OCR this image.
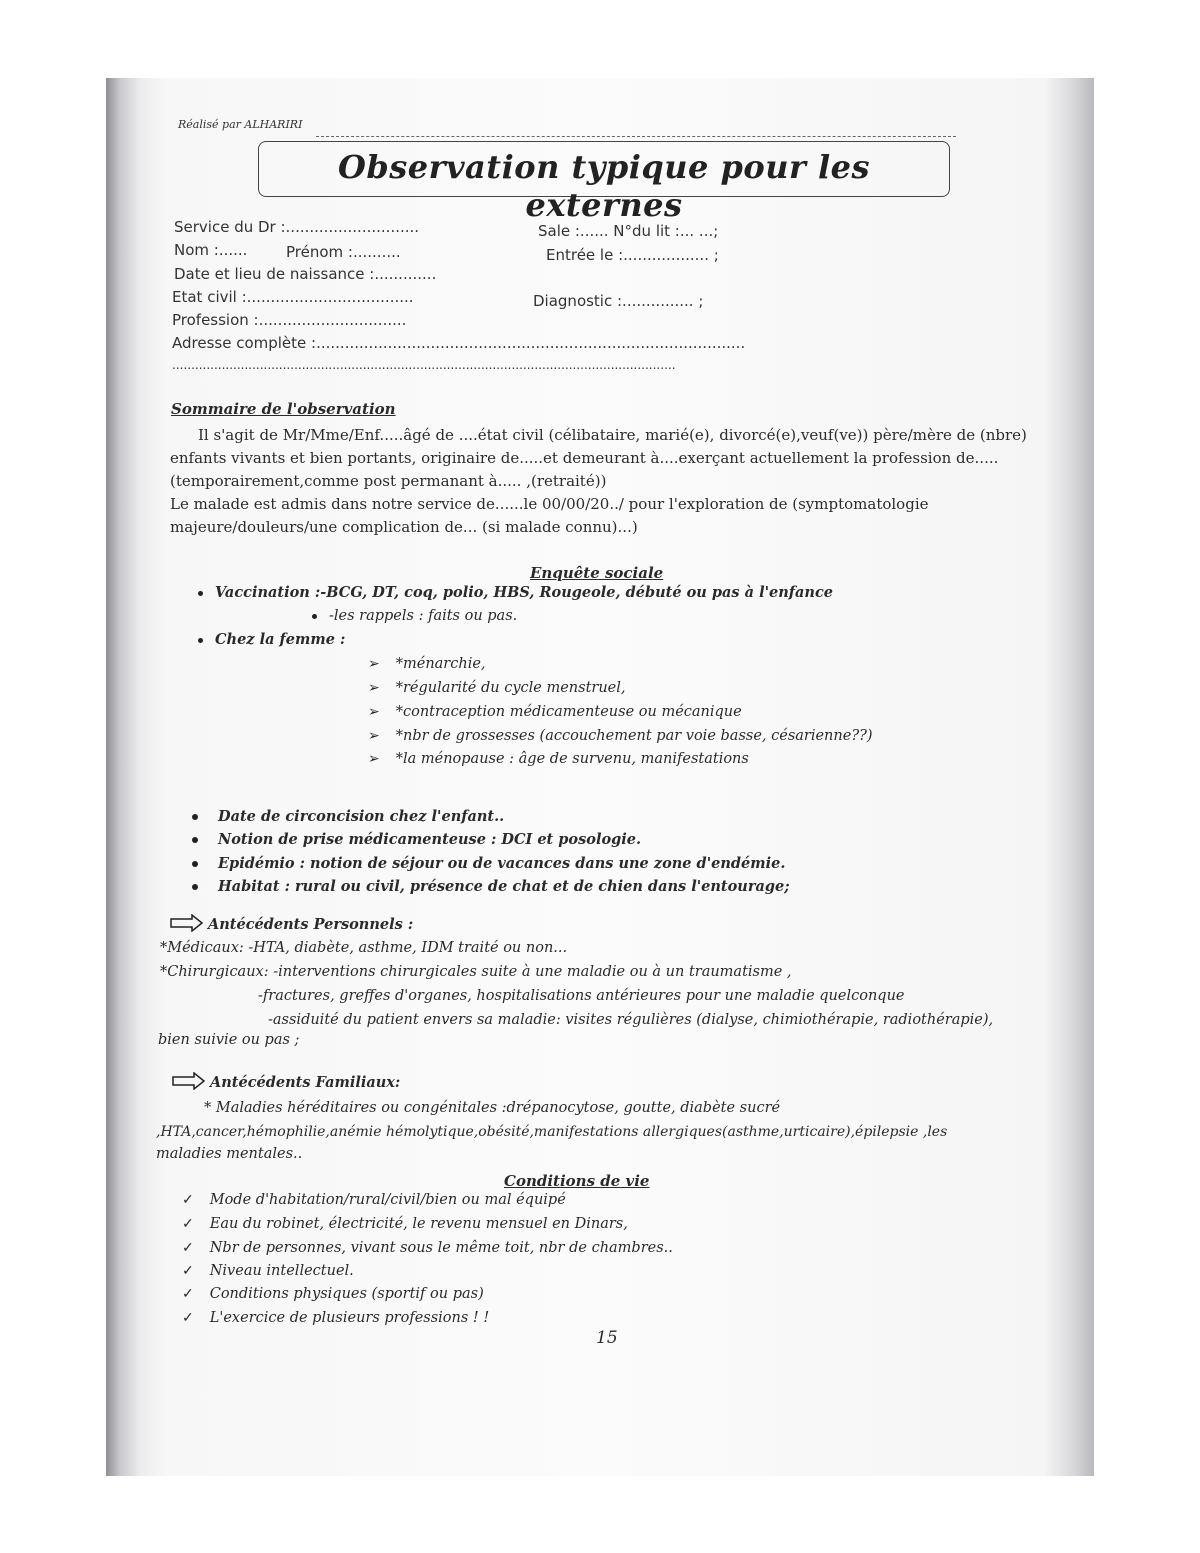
Réalisé par ALHARIRI
Observation typique pour les externes
Service du Dr :............................	Sale :...... N°du lit :... ...;
Nom :......	Prénom :..........	Entrée le :.................. ;
Date et lieu de naissance :.............
Etat civil :...................................	Diagnostic :............... ;
Profession :...............................
Adresse complète :..........................................................................................
....................................................................................................................................
Sommaire de l'observation
Il s'agit de Mr/Mme/Enf.....âgé de ....état civil (célibataire, marié(e), divorcé(e),veuf(ve)) père/mère de (nbre) enfants vivants et bien portants, originaire de.....et demeurant à....exerçant actuellement la profession de.....(temporairement,comme post permanant à..... ,(retraité))
Le malade est admis dans notre service de......le 00/00/20../ pour l'exploration de (symptomatologie majeure/douleurs/une complication de... (si malade connu)...)
Enquête sociale
Vaccination :-BCG, DT, coq, polio, HBS, Rougeole, débuté ou pas à l'enfance
-les rappels : faits ou pas.
Chez la femme :
➢ *ménarchie,
➢ *régularité du cycle menstruel,
➢ *contraception médicamenteuse ou mécanique
➢ *nbr de grossesses (accouchement par voie basse, césarienne??)
➢ *la ménopause : âge de survenu, manifestations
Date de circoncision chez l'enfant..
Notion de prise médicamenteuse : DCI et posologie.
Epidémio : notion de séjour ou de vacances dans une zone d'endémie.
Habitat : rural ou civil, présence de chat et de chien dans l'entourage;
Antécédents Personnels :
*Médicaux: -HTA, diabète, asthme, IDM traité ou non...
*Chirurgicaux: -interventions chirurgicales suite à une maladie ou à un traumatisme ,
-fractures, greffes d'organes, hospitalisations antérieures pour une maladie quelconque
-assiduité du patient envers sa maladie: visites régulières (dialyse, chimiothérapie, radiothérapie),
bien suivie ou pas ;
Antécédents Familiaux:
* Maladies héréditaires ou congénitales :drépanocytose, goutte, diabète sucré
,HTA,cancer,hémophilie,anémie hémolytique,obésité,manifestations allergiques(asthme,urticaire),épilepsie ,les
maladies mentales..
Conditions de vie
✓ Mode d'habitation/rural/civil/bien ou mal équipé
✓ Eau du robinet, électricité, le revenu mensuel en Dinars,
✓ Nbr de personnes, vivant sous le même toit, nbr de chambres..
✓ Niveau intellectuel.
✓ Conditions physiques (sportif ou pas)
✓ L'exercice de plusieurs professions ! !
15
